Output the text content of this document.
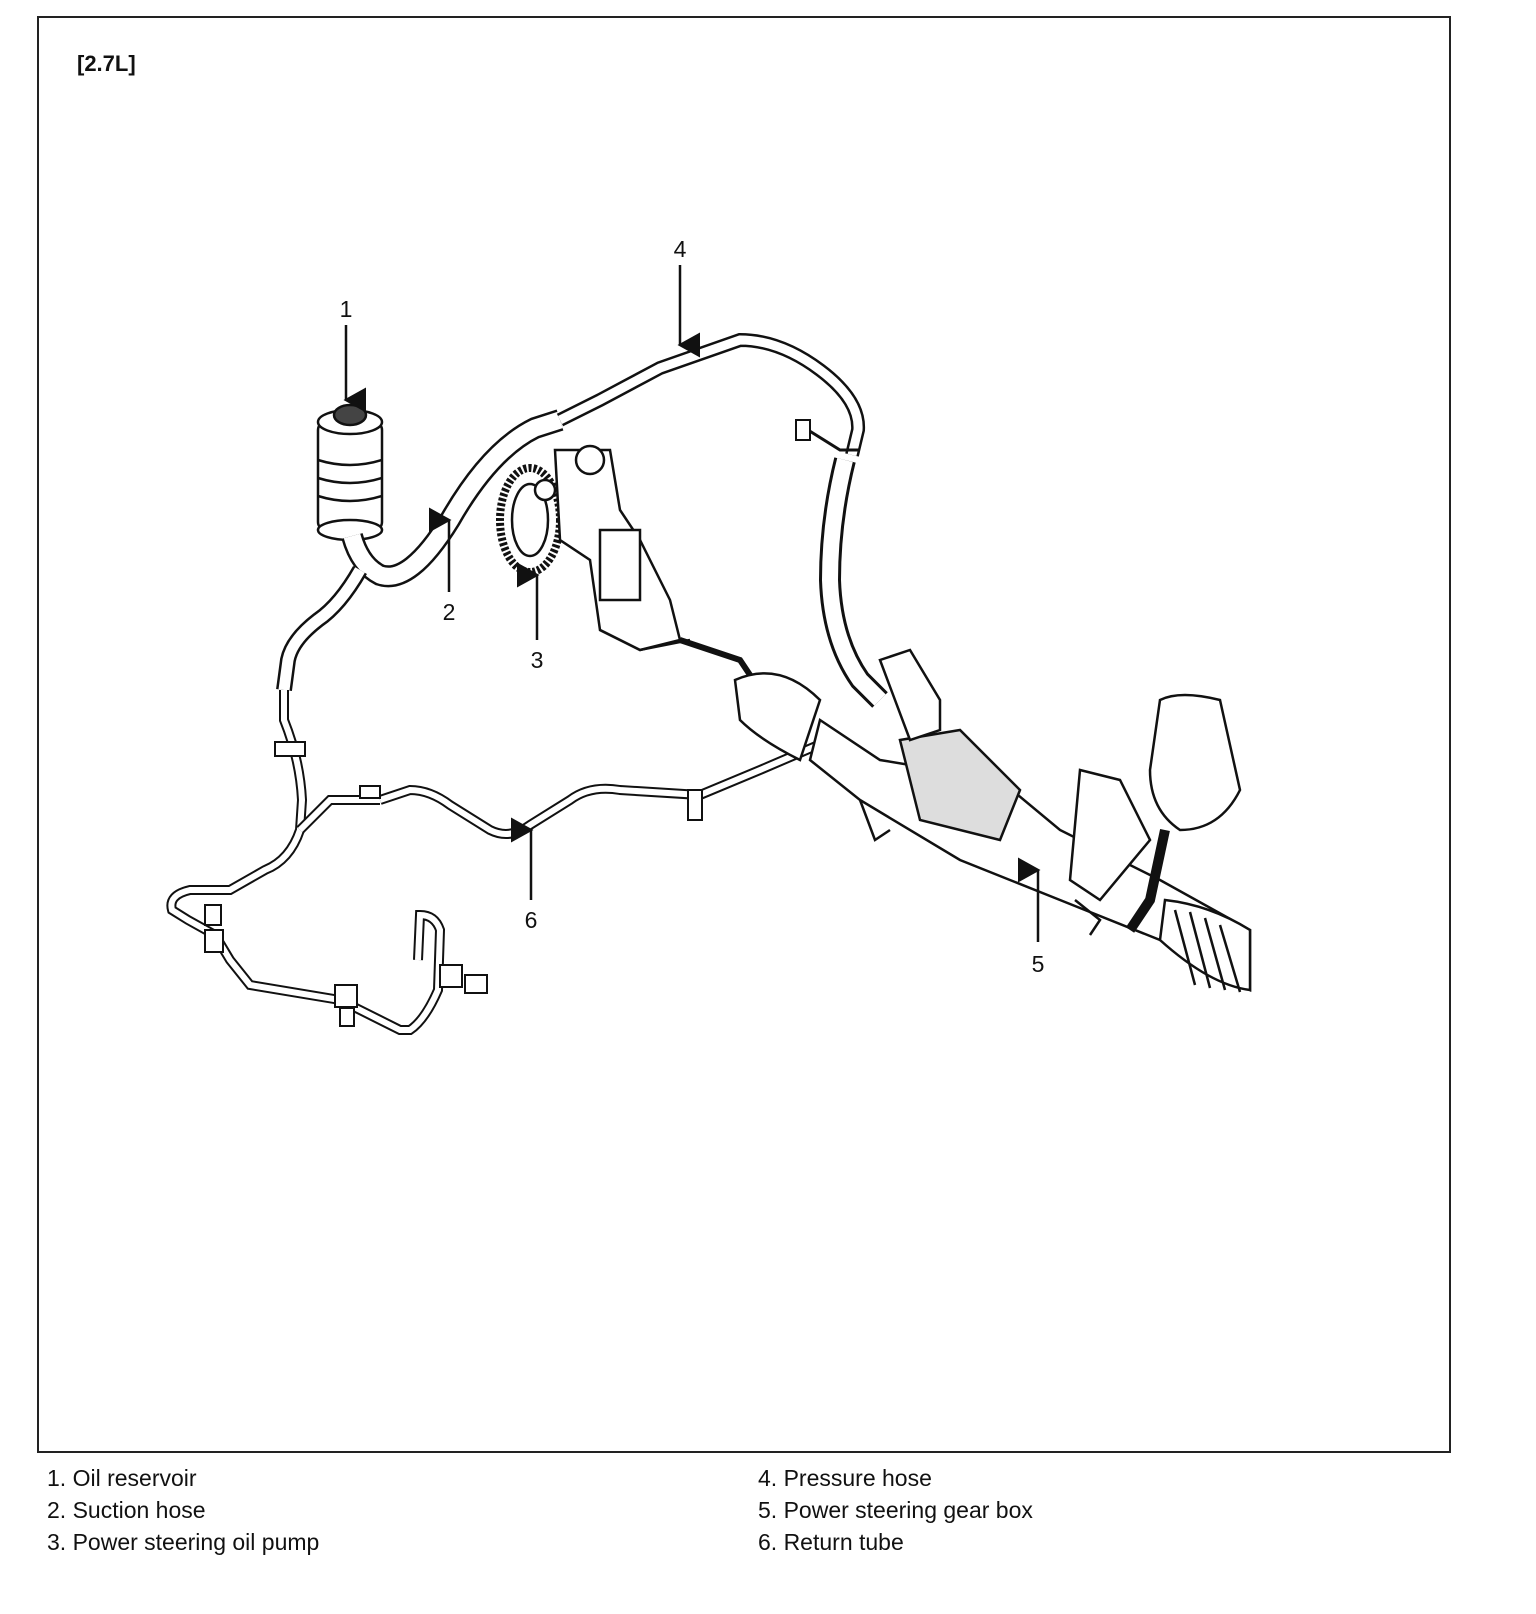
[2.7L]
1
2
3
4
5
6
1. Oil reservoir
2. Suction hose
3. Power steering oil pump
4. Pressure hose
5. Power steering gear box
6. Return tube
